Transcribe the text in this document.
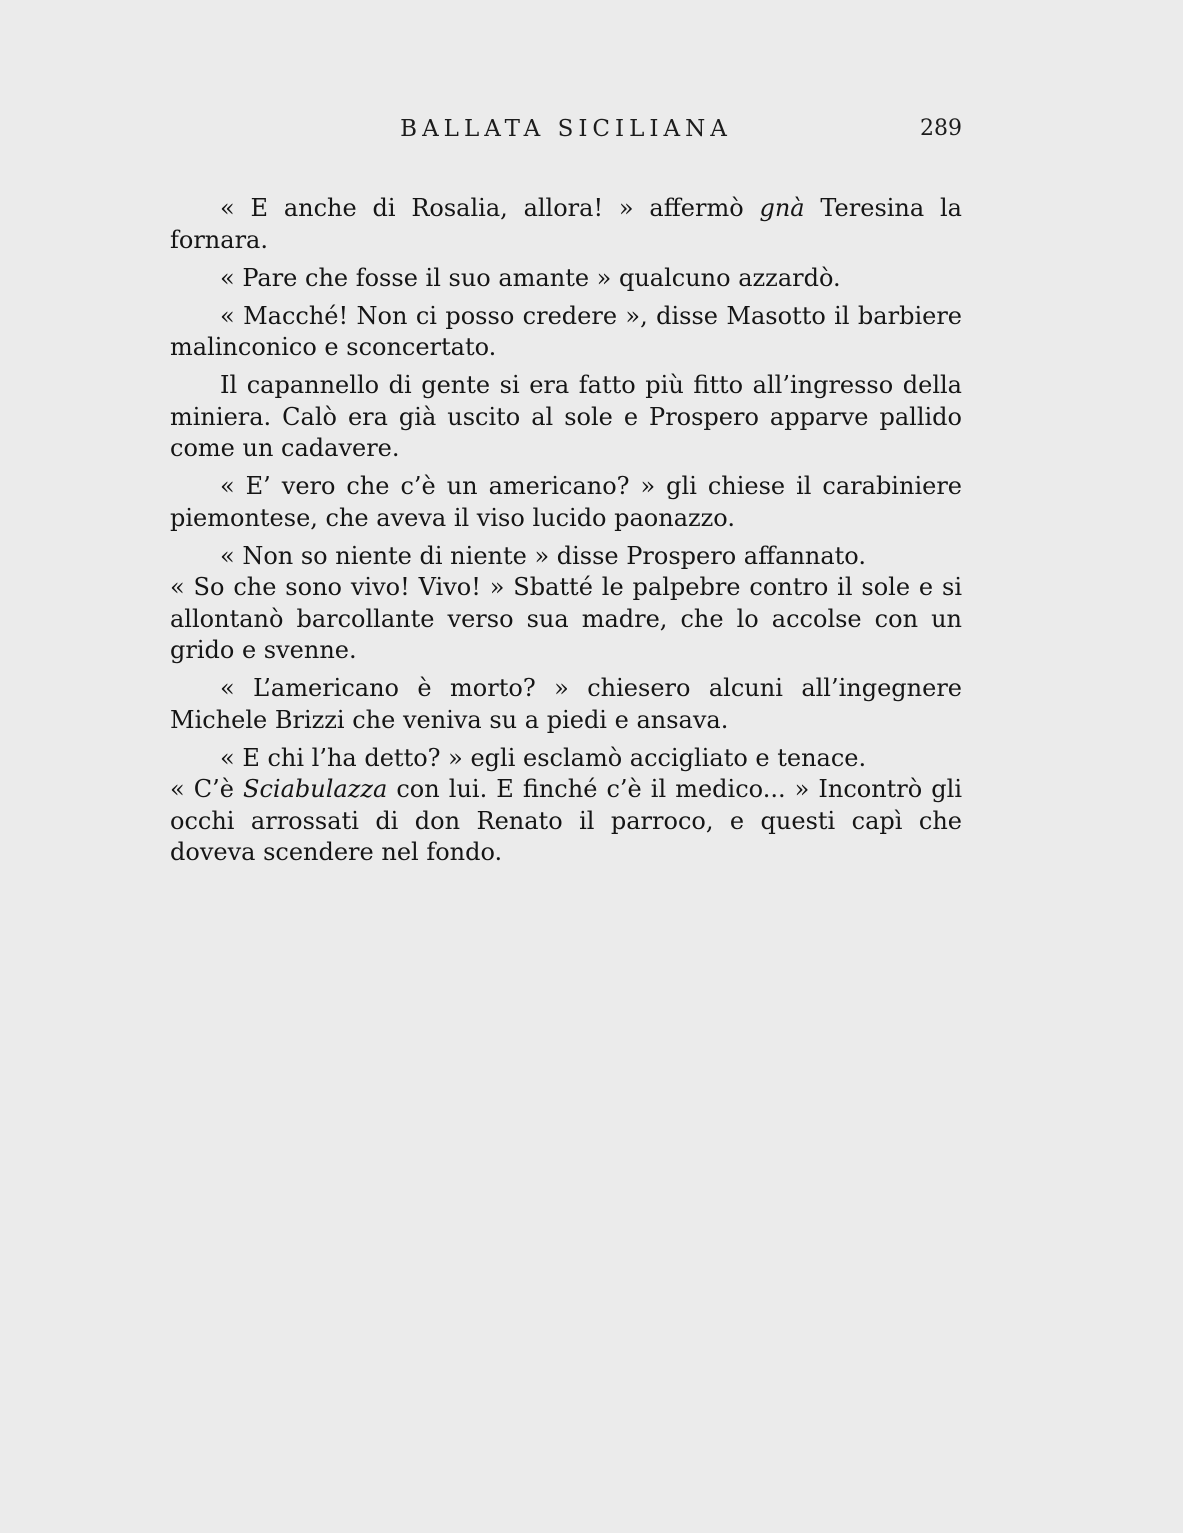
BALLATA SICILIANA	289

« E anche di Rosalia, allora! » affermò gnà Teresina la fornara.

« Pare che fosse il suo amante » qualcuno azzardò.

« Macché! Non ci posso credere », disse Masotto il barbiere malinconico e sconcertato.

Il capannello di gente si era fatto più fitto all’ingresso della miniera. Calò era già uscito al sole e Prospero apparve pallido come un cadavere.

« E’ vero che c’è un americano? » gli chiese il carabiniere piemontese, che aveva il viso lucido paonazzo.

« Non so niente di niente » disse Prospero affannato.

« So che sono vivo! Vivo! » Sbatté le palpebre contro il sole e si allontanò barcollante verso sua madre, che lo accolse con un grido e svenne.

« L’americano è morto? » chiesero alcuni all’ingegnere Michele Brizzi che veniva su a piedi e ansava.

« E chi l’ha detto? » egli esclamò accigliato e tenace.

« C’è Sciabulazza con lui. E finché c’è il medico... » Incontrò gli occhi arrossati di don Renato il parroco, e questi capì che doveva scendere nel fondo.
